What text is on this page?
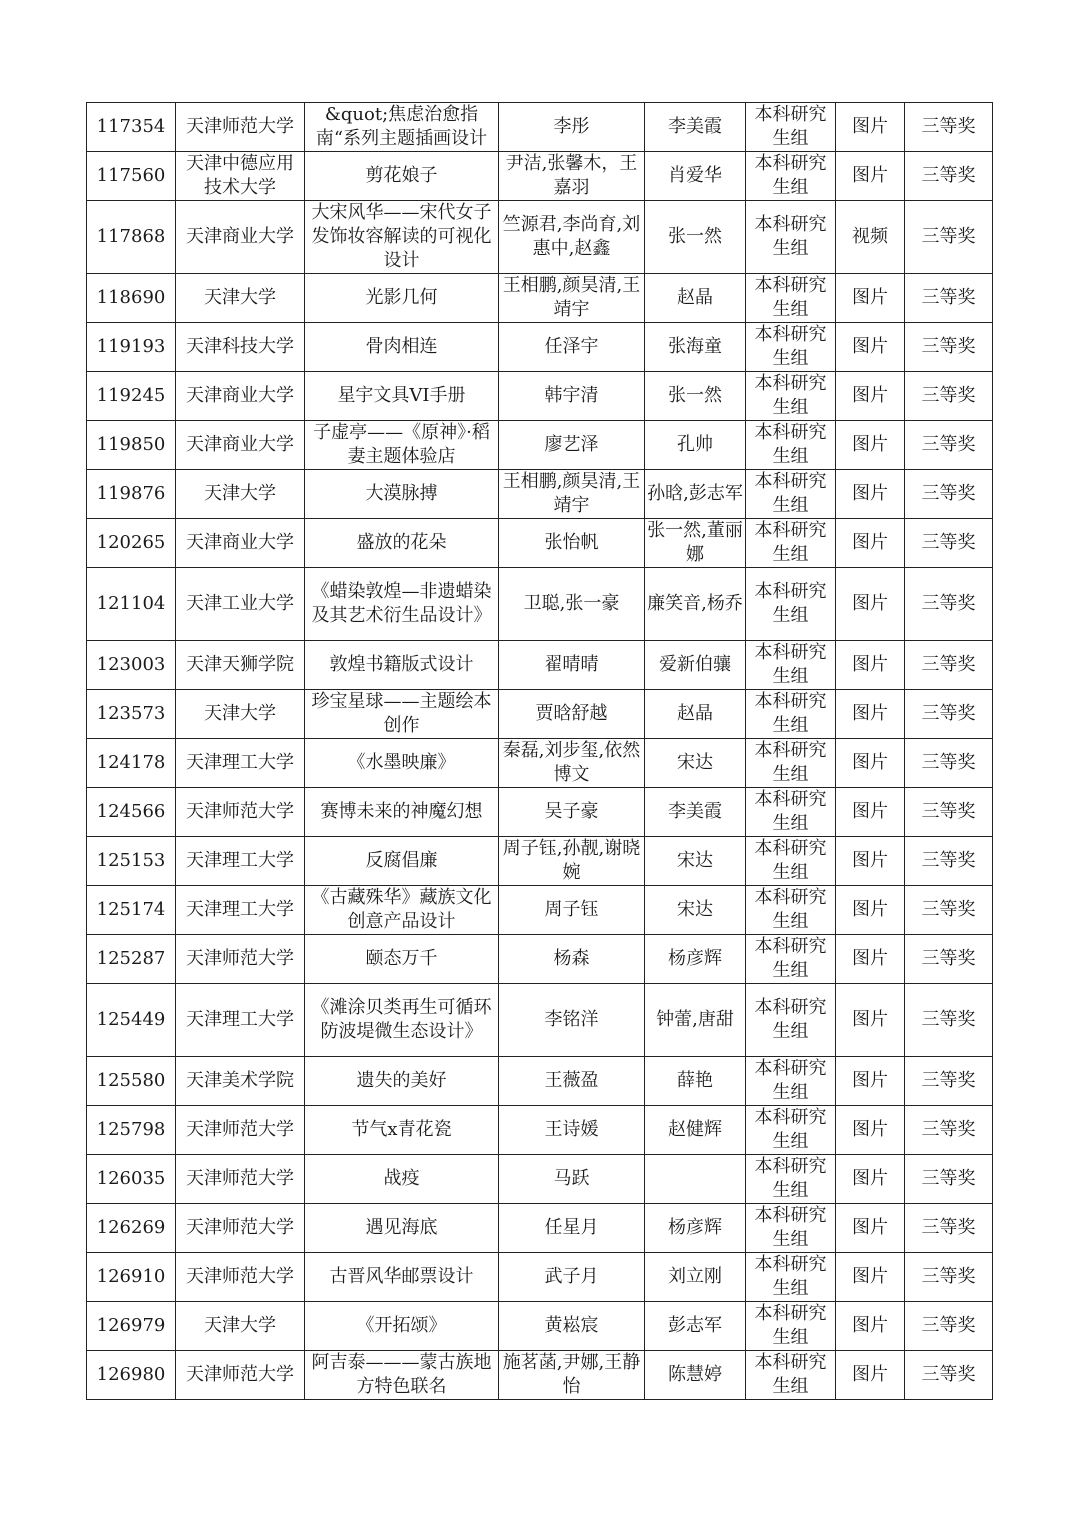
117354	天津师范大学	&quot;焦虑治愈指南“系列主题插画设计	李彤	李美霞	本科研究生组	图片	三等奖
117560	天津中德应用技术大学	剪花娘子	尹洁,张馨木，王嘉羽	肖爱华	本科研究生组	图片	三等奖
117868	天津商业大学	大宋风华——宋代女子发饰妆容解读的可视化设计	竺源君,李尚育,刘惠中,赵鑫	张一然	本科研究生组	视频	三等奖
118690	天津大学	光影几何	王相鹏,颜昊清,王靖宇	赵晶	本科研究生组	图片	三等奖
119193	天津科技大学	骨肉相连	任泽宇	张海童	本科研究生组	图片	三等奖
119245	天津商业大学	星宇文具VI手册	韩宇清	张一然	本科研究生组	图片	三等奖
119850	天津商业大学	子虚亭——《原神》·稻妻主题体验店	廖艺泽	孔帅	本科研究生组	图片	三等奖
119876	天津大学	大漠脉搏	王相鹏,颜昊清,王靖宇	孙晗,彭志军	本科研究生组	图片	三等奖
120265	天津商业大学	盛放的花朵	张怡帆	张一然,董丽娜	本科研究生组	图片	三等奖
121104	天津工业大学	《蜡染敦煌—非遗蜡染及其艺术衍生品设计》	卫聪,张一豪	廉笑音,杨乔	本科研究生组	图片	三等奖
123003	天津天狮学院	敦煌书籍版式设计	翟晴晴	爱新伯骧	本科研究生组	图片	三等奖
123573	天津大学	珍宝星球——主题绘本创作	贾晗舒越	赵晶	本科研究生组	图片	三等奖
124178	天津理工大学	《水墨映廉》	秦磊,刘步玺,依然博文	宋达	本科研究生组	图片	三等奖
124566	天津师范大学	赛博未来的神魔幻想	吴子豪	李美霞	本科研究生组	图片	三等奖
125153	天津理工大学	反腐倡廉	周子钰,孙靓,谢晓婉	宋达	本科研究生组	图片	三等奖
125174	天津理工大学	《古藏殊华》藏族文化创意产品设计	周子钰	宋达	本科研究生组	图片	三等奖
125287	天津师范大学	颐态万千	杨森	杨彦辉	本科研究生组	图片	三等奖
125449	天津理工大学	《滩涂贝类再生可循环防波堤微生态设计》	李铭洋	钟蕾,唐甜	本科研究生组	图片	三等奖
125580	天津美术学院	遗失的美好	王薇盈	薛艳	本科研究生组	图片	三等奖
125798	天津师范大学	节气x青花瓷	王诗媛	赵健辉	本科研究生组	图片	三等奖
126035	天津师范大学	战疫	马跃		本科研究生组	图片	三等奖
126269	天津师范大学	遇见海底	任星月	杨彦辉	本科研究生组	图片	三等奖
126910	天津师范大学	古晋风华邮票设计	武子月	刘立刚	本科研究生组	图片	三等奖
126979	天津大学	《开拓颂》	黄崧宸	彭志军	本科研究生组	图片	三等奖
126980	天津师范大学	阿吉泰———蒙古族地方特色联名	施茗菡,尹娜,王静怡	陈慧婷	本科研究生组	图片	三等奖
